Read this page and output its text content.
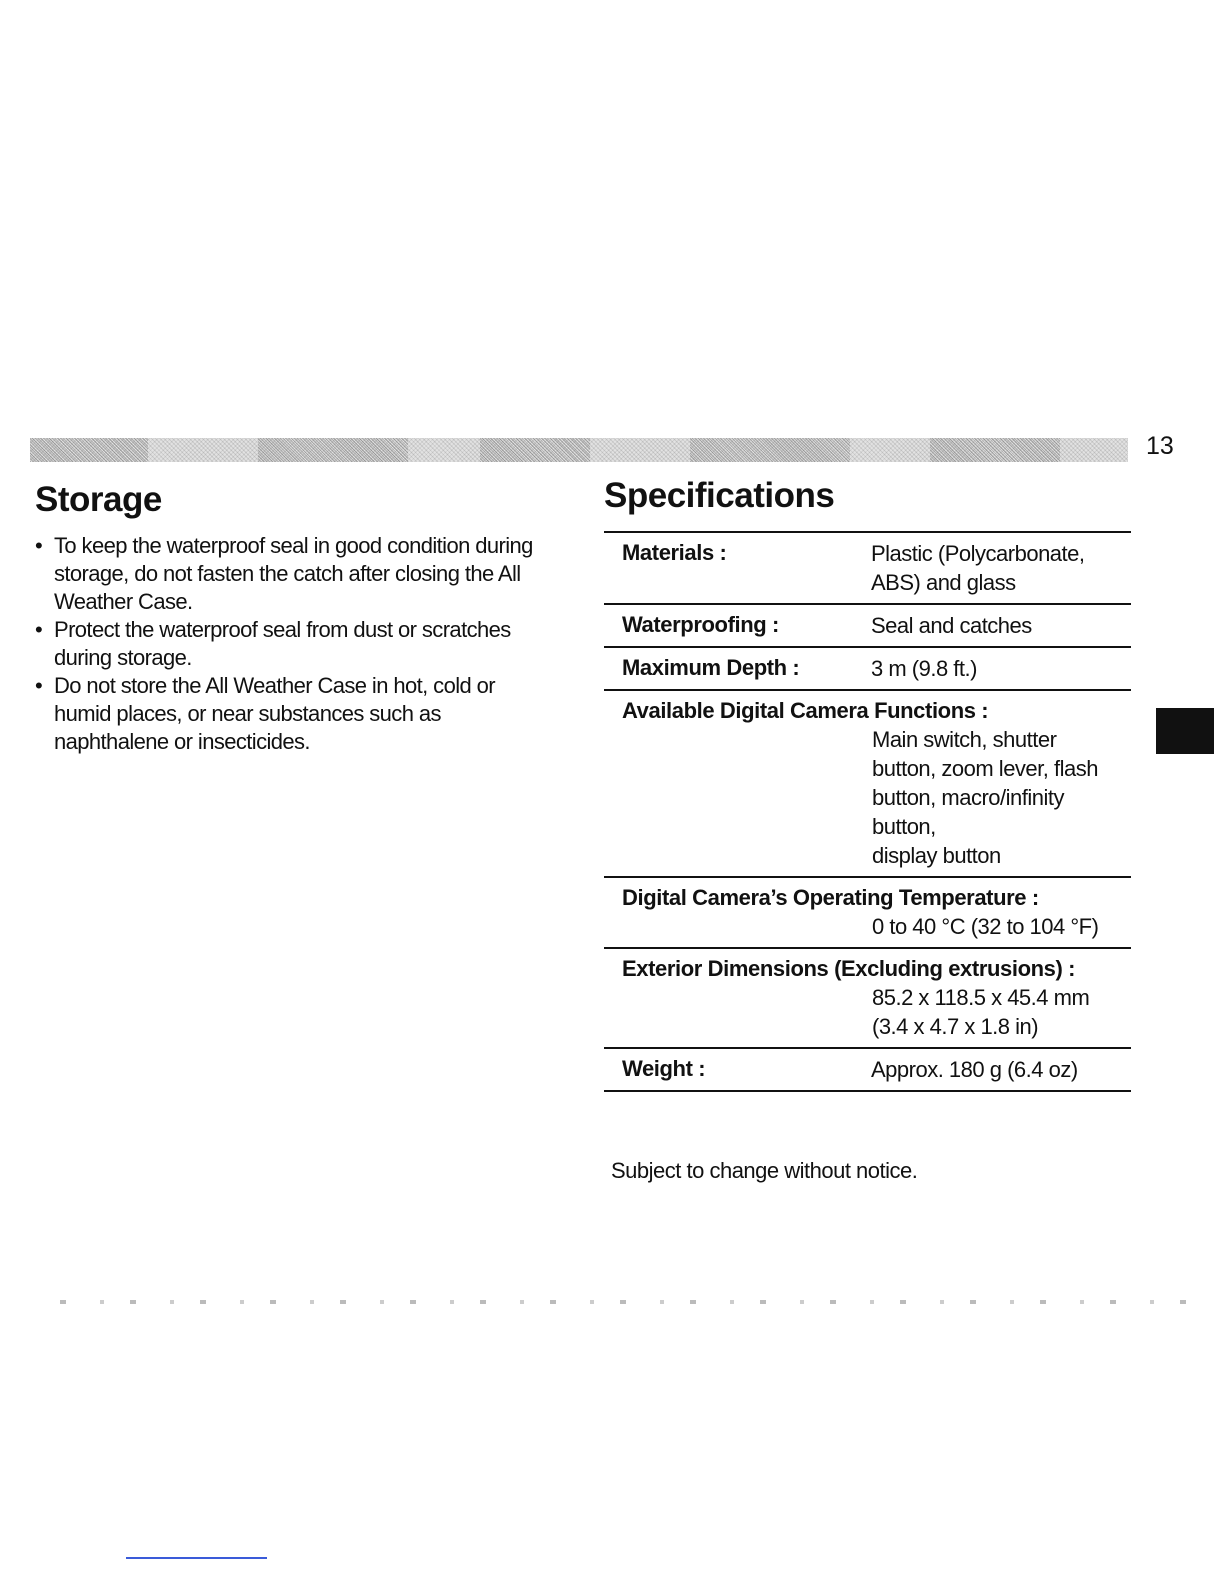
13
Storage
• To keep the waterproof seal in good condition during
storage, do not fasten the catch after closing the All
Weather Case.
• Protect the waterproof seal from dust or scratches
during storage.
• Do not store the All Weather Case in hot, cold or
humid places, or near substances such as
naphthalene or insecticides.
Specifications
Materials :	Plastic (Polycarbonate,
ABS) and glass
Waterproofing :	Seal and catches
Maximum Depth :	3 m (9.8 ft.)
Available Digital Camera Functions :
Main switch, shutter
button, zoom lever, flash
button, macro/infinity
button,
display button
Digital Camera’s Operating Temperature :
0 to 40 °C (32 to 104 °F)
Exterior Dimensions (Excluding extrusions) :
85.2 x 118.5 x 45.4 mm
(3.4 x 4.7 x 1.8 in)
Weight :	Approx. 180 g (6.4 oz)
Subject to change without notice.
